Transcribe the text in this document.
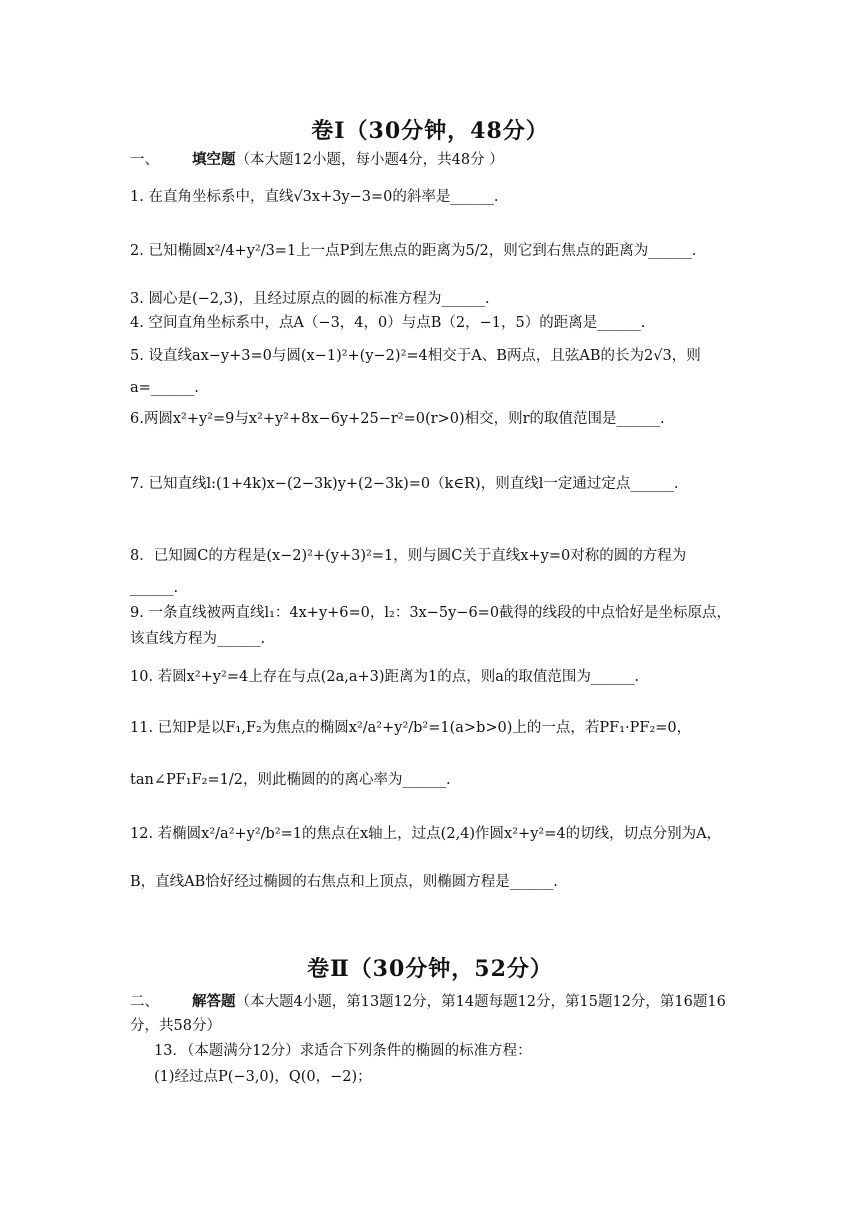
卷Ⅰ（30分钟，48分）
一、 填空题（本大题12小题，每小题4分，共48分 ）
1. 在直角坐标系中，直线√3x+3y−3=0的斜率是______.
2. 已知椭圆x²/4+y²/3=1上一点P到左焦点的距离为5/2，则它到右焦点的距离为______.
3. 圆心是(−2,3)，且经过原点的圆的标准方程为______.
4. 空间直角坐标系中，点A（−3，4，0）与点B（2，−1，5）的距离是______.
5. 设直线ax−y+3=0与圆(x−1)²+(y−2)²=4相交于A、B两点，且弦AB的长为2√3，则a=______.
6.两圆x²+y²=9与x²+y²+8x−6y+25−r²=0(r>0)相交，则r的取值范围是______.
7. 已知直线l:(1+4k)x−(2−3k)y+(2−3k)=0（k∈R)，则直线l一定通过定点______.
8．已知圆C的方程是(x−2)²+(y+3)²=1，则与圆C关于直线x+y=0对称的圆的方程为______.
9. 一条直线被两直线l₁：4x+y+6=0，l₂：3x−5y−6=0截得的线段的中点恰好是坐标原点，该直线方程为______.
10. 若圆x²+y²=4上存在与点(2a,a+3)距离为1的点，则a的取值范围为______.
11. 已知P是以F₁,F₂为焦点的椭圆x²/a²+y²/b²=1(a>b>0)上的一点，若PF₁·PF₂=0，tan∠PF₁F₂=1/2，则此椭圆的的离心率为______.
12. 若椭圆x²/a²+y²/b²=1的焦点在x轴上，过点(2,4)作圆x²+y²=4的切线，切点分别为A，B，直线AB恰好经过椭圆的右焦点和上顶点，则椭圆方程是______.
卷Ⅱ（30分钟，52分）
二、 解答题（本大题4小题，第13题12分，第14题每题12分，第15题12分，第16题16分，共58分）
13．（本题满分12分）求适合下列条件的椭圆的标准方程：
(1)经过点P(−3,0)，Q(0，−2)；
